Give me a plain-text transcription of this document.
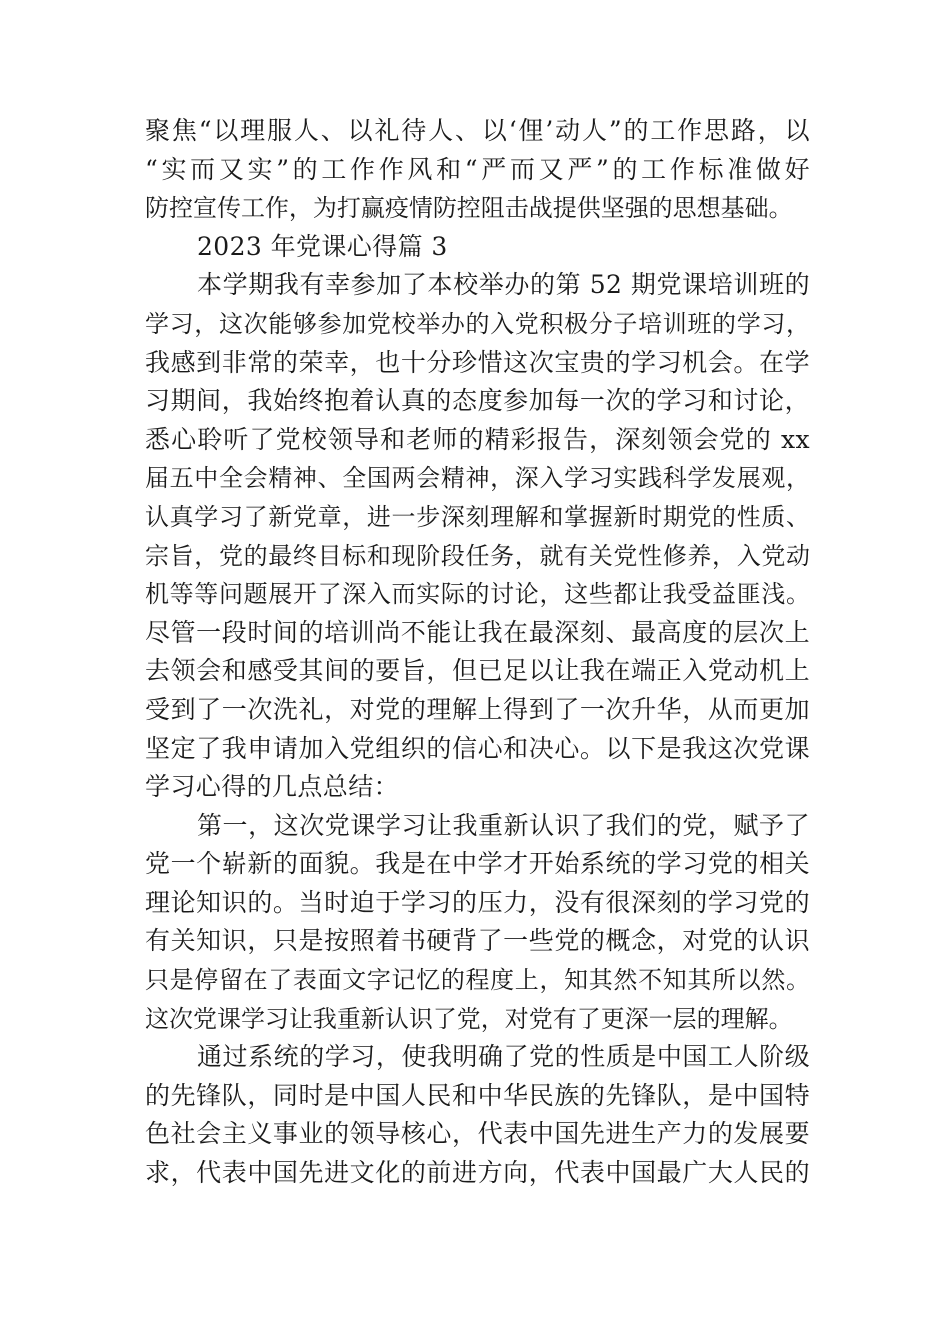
聚焦“以理服人、以礼待人、以‘俚’动人”的工作思路，以
“实而又实”的工作作风和“严而又严”的工作标准做好
防控宣传工作，为打赢疫情防控阻击战提供坚强的思想基础。
2023 年党课心得篇 3
本学期我有幸参加了本校举办的第 52 期党课培训班的
学习，这次能够参加党校举办的入党积极分子培训班的学习，
我感到非常的荣幸，也十分珍惜这次宝贵的学习机会。在学
习期间，我始终抱着认真的态度参加每一次的学习和讨论，
悉心聆听了党校领导和老师的精彩报告，深刻领会党的 xx
届五中全会精神、全国两会精神，深入学习实践科学发展观，
认真学习了新党章，进一步深刻理解和掌握新时期党的性质、
宗旨，党的最终目标和现阶段任务，就有关党性修养，入党动
机等等问题展开了深入而实际的讨论，这些都让我受益匪浅。
尽管一段时间的培训尚不能让我在最深刻、最高度的层次上
去领会和感受其间的要旨，但已足以让我在端正入党动机上
受到了一次洗礼，对党的理解上得到了一次升华，从而更加
坚定了我申请加入党组织的信心和决心。以下是我这次党课
学习心得的几点总结：
第一，这次党课学习让我重新认识了我们的党，赋予了
党一个崭新的面貌。我是在中学才开始系统的学习党的相关
理论知识的。当时迫于学习的压力，没有很深刻的学习党的
有关知识，只是按照着书硬背了一些党的概念，对党的认识
只是停留在了表面文字记忆的程度上，知其然不知其所以然。
这次党课学习让我重新认识了党，对党有了更深一层的理解。
通过系统的学习，使我明确了党的性质是中国工人阶级
的先锋队，同时是中国人民和中华民族的先锋队，是中国特
色社会主义事业的领导核心，代表中国先进生产力的发展要
求，代表中国先进文化的前进方向，代表中国最广大人民的
